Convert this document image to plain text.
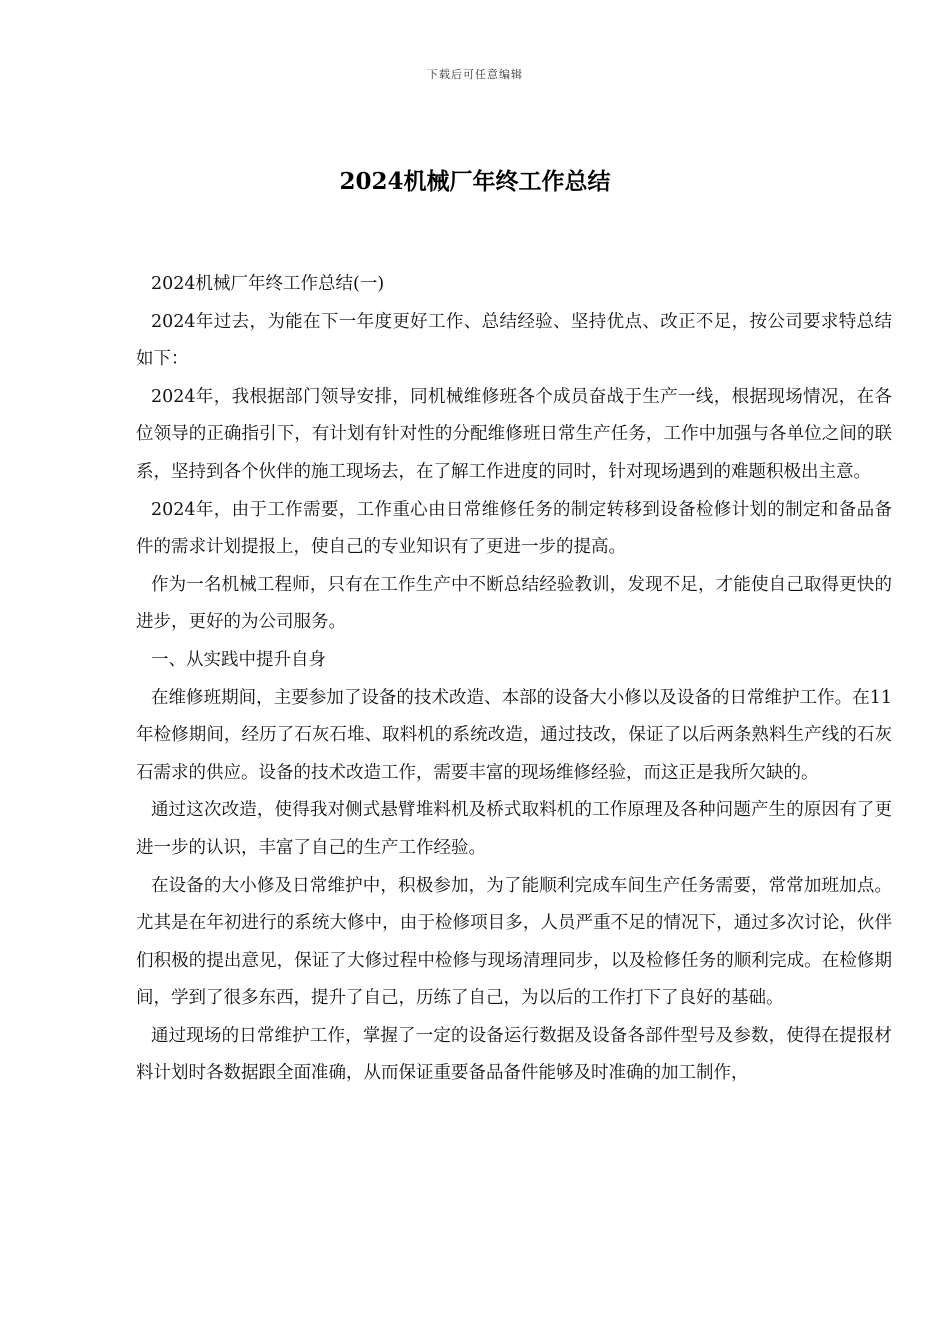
下载后可任意编辑
2024机械厂年终工作总结

2024机械厂年终工作总结(一)

2024年过去，为能在下一年度更好工作、总结经验、坚持优点、改正不足，按公司要求特总结如下：

2024年，我根据部门领导安排，同机械维修班各个成员奋战于生产一线，根据现场情况，在各位领导的正确指引下，有计划有针对性的分配维修班日常生产任务，工作中加强与各单位之间的联系，坚持到各个伙伴的施工现场去，在了解工作进度的同时，针对现场遇到的难题积极出主意。

2024年，由于工作需要，工作重心由日常维修任务的制定转移到设备检修计划的制定和备品备件的需求计划提报上，使自己的专业知识有了更进一步的提高。

作为一名机械工程师，只有在工作生产中不断总结经验教训，发现不足，才能使自己取得更快的进步，更好的为公司服务。

一、从实践中提升自身

在维修班期间，主要参加了设备的技术改造、本部的设备大小修以及设备的日常维护工作。在11年检修期间，经历了石灰石堆、取料机的系统改造，通过技改，保证了以后两条熟料生产线的石灰石需求的供应。设备的技术改造工作，需要丰富的现场维修经验，而这正是我所欠缺的。

通过这次改造，使得我对侧式悬臂堆料机及桥式取料机的工作原理及各种问题产生的原因有了更进一步的认识，丰富了自己的生产工作经验。

在设备的大小修及日常维护中，积极参加，为了能顺利完成车间生产任务需要，常常加班加点。尤其是在年初进行的系统大修中，由于检修项目多，人员严重不足的情况下，通过多次讨论，伙伴们积极的提出意见，保证了大修过程中检修与现场清理同步，以及检修任务的顺利完成。在检修期间，学到了很多东西，提升了自己，历练了自己，为以后的工作打下了良好的基础。

通过现场的日常维护工作，掌握了一定的设备运行数据及设备各部件型号及参数，使得在提报材料计划时各数据跟全面准确，从而保证重要备品备件能够及时准确的加工制作，
